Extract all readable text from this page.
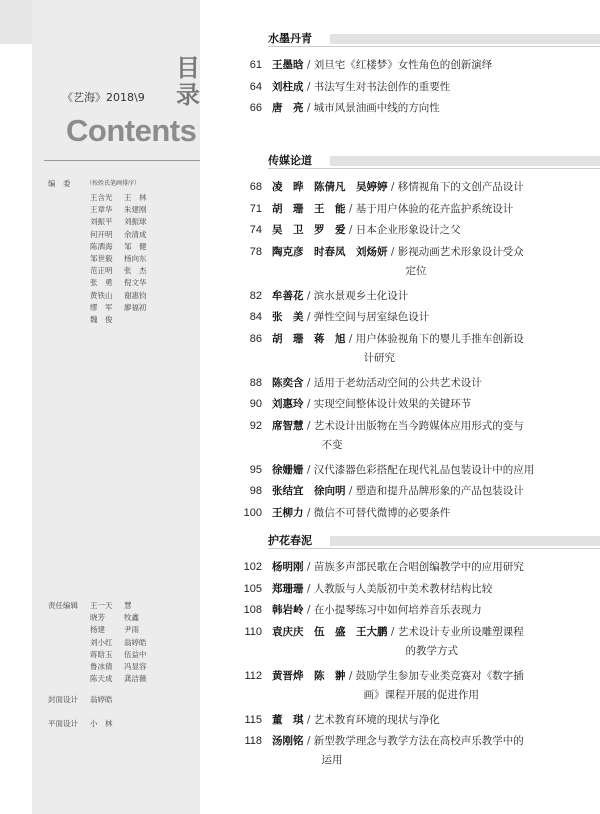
目录
《艺海》2018\9
Contents
编　委	（按姓氏笔画排序）
王含光 王　林
王章华 朱建刚
刘振平 刘振球
何开明 余清成
陈洒海 邹　健
邹世毅 杨向东
范正明 张　杰
张　勇 倪文华
黄铁山 谢惠钧
缪　军 廖福初
魏　俊
责任编辑 王一天 慧
晓芳	牧鑫
杨建	尹雨
刘小红 翁婷皓
蒋晗玉 伍益中
鲁冰倩 冯显容
陈天成 龚洁薇
封面设计 翁婷皓
平面设计 小　林
水墨丹青
61 王墨晗 / 刘旦宅《红楼梦》女性角色的创新演绎
64 刘柱成 / 书法写生对书法创作的重要性
66 唐　亮 / 城市风景油画中线的方向性
传媒论道
68 凌　晔　陈倩凡　吴婷婷 / 移情视角下的文创产品设计
71 胡　珊　王　能 / 基于用户体验的花卉监护系统设计
74 吴　卫　罗　爱 / 日本企业形象设计之父
78 陶克彦　时春凤　刘炀妍 / 影视动画艺术形象设计受众
定位
82 牟善花 / 滨水景观乡土化设计
84 张　美 / 弹性空间与居室绿色设计
86 胡　珊　蒋　旭 / 用户体验视角下的婴儿手推车创新设
计研究
88 陈奕含 / 适用于老幼活动空间的公共艺术设计
90 刘惠玲 / 实现空间整体设计效果的关键环节
92 席智慧 / 艺术设计出版物在当今跨媒体应用形式的变与
不变
95 徐姗姗 / 汉代漆器色彩搭配在现代礼品包装设计中的应用
98 张结宜　徐向明 / 塑造和提升品牌形象的产品包装设计
100 王柳力 / 微信不可替代微博的必要条件
护花春泥
102 杨明刚 / 苗族多声部民歌在合唱创编教学中的应用研究
105 郑珊珊 / 人教版与人美版初中美术教材结构比较
108 韩岩岭 / 在小提琴练习中如何培养音乐表现力
110 袁庆庆　伍　盛　王大鹏 / 艺术设计专业所设雕塑课程
的教学方式
112 黄晋烨　陈　翀 / 鼓励学生参加专业类竞赛对《数字插
画》课程开展的促进作用
115 董　琪 / 艺术教育环境的现状与净化
118 汤刚铭 / 新型教学理念与教学方法在高校声乐教学中的
运用
